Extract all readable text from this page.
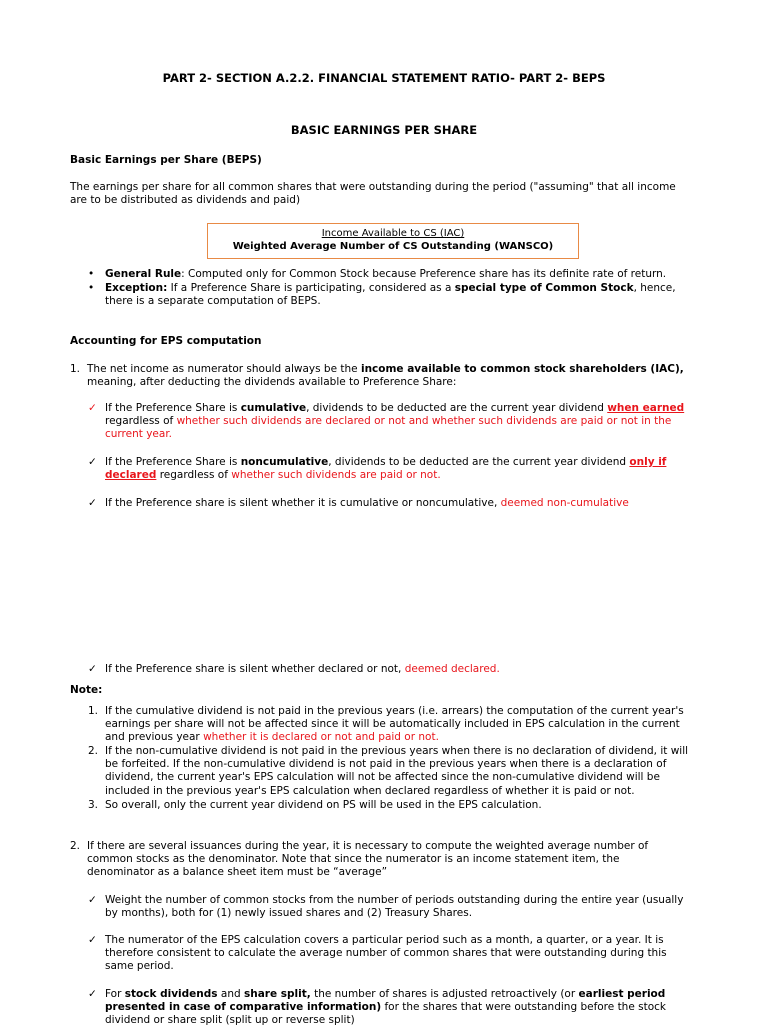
PART 2- SECTION A.2.2. FINANCIAL STATEMENT RATIO- PART 2- BEPS
BASIC EARNINGS PER SHARE
Basic Earnings per Share (BEPS)
The earnings per share for all common shares that were outstanding during the period ("assuming" that all income
are to be distributed as dividends and paid)
Income Available to CS (IAC)
Weighted Average Number of CS Outstanding (WANSCO)
•	General Rule: Computed only for Common Stock because Preference share has its definite rate of return.
•	Exception: If a Preference Share is participating, considered as a special type of Common Stock, hence,
there is a separate computation of BEPS.
Accounting for EPS computation
1. The net income as numerator should always be the income available to common stock shareholders (IAC),
meaning, after deducting the dividends available to Preference Share:
✓ If the Preference Share is cumulative, dividends to be deducted are the current year dividend when earned
regardless of whether such dividends are declared or not and whether such dividends are paid or not in the
current year.
✓ If the Preference Share is noncumulative, dividends to be deducted are the current year dividend only if
declared regardless of whether such dividends are paid or not.
✓ If the Preference share is silent whether it is cumulative or noncumulative, deemed non-cumulative
✓ If the Preference share is silent whether declared or not, deemed declared.
Note:
1. If the cumulative dividend is not paid in the previous years (i.e. arrears) the computation of the current year's
earnings per share will not be affected since it will be automatically included in EPS calculation in the current
and previous year whether it is declared or not and paid or not.
2. If the non-cumulative dividend is not paid in the previous years when there is no declaration of dividend, it will
be forfeited. If the non-cumulative dividend is not paid in the previous years when there is a declaration of
dividend, the current year's EPS calculation will not be affected since the non-cumulative dividend will be
included in the previous year's EPS calculation when declared regardless of whether it is paid or not.
3. So overall, only the current year dividend on PS will be used in the EPS calculation.
2. If there are several issuances during the year, it is necessary to compute the weighted average number of
common stocks as the denominator. Note that since the numerator is an income statement item, the
denominator as a balance sheet item must be “average”
✓ Weight the number of common stocks from the number of periods outstanding during the entire year (usually
by months), both for (1) newly issued shares and (2) Treasury Shares.
✓ The numerator of the EPS calculation covers a particular period such as a month, a quarter, or a year. It is
therefore consistent to calculate the average number of common shares that were outstanding during this
same period.
✓ For stock dividends and share split, the number of shares is adjusted retroactively (or earliest period
presented in case of comparative information) for the shares that were outstanding before the stock
dividend or share split (split up or reverse split)
